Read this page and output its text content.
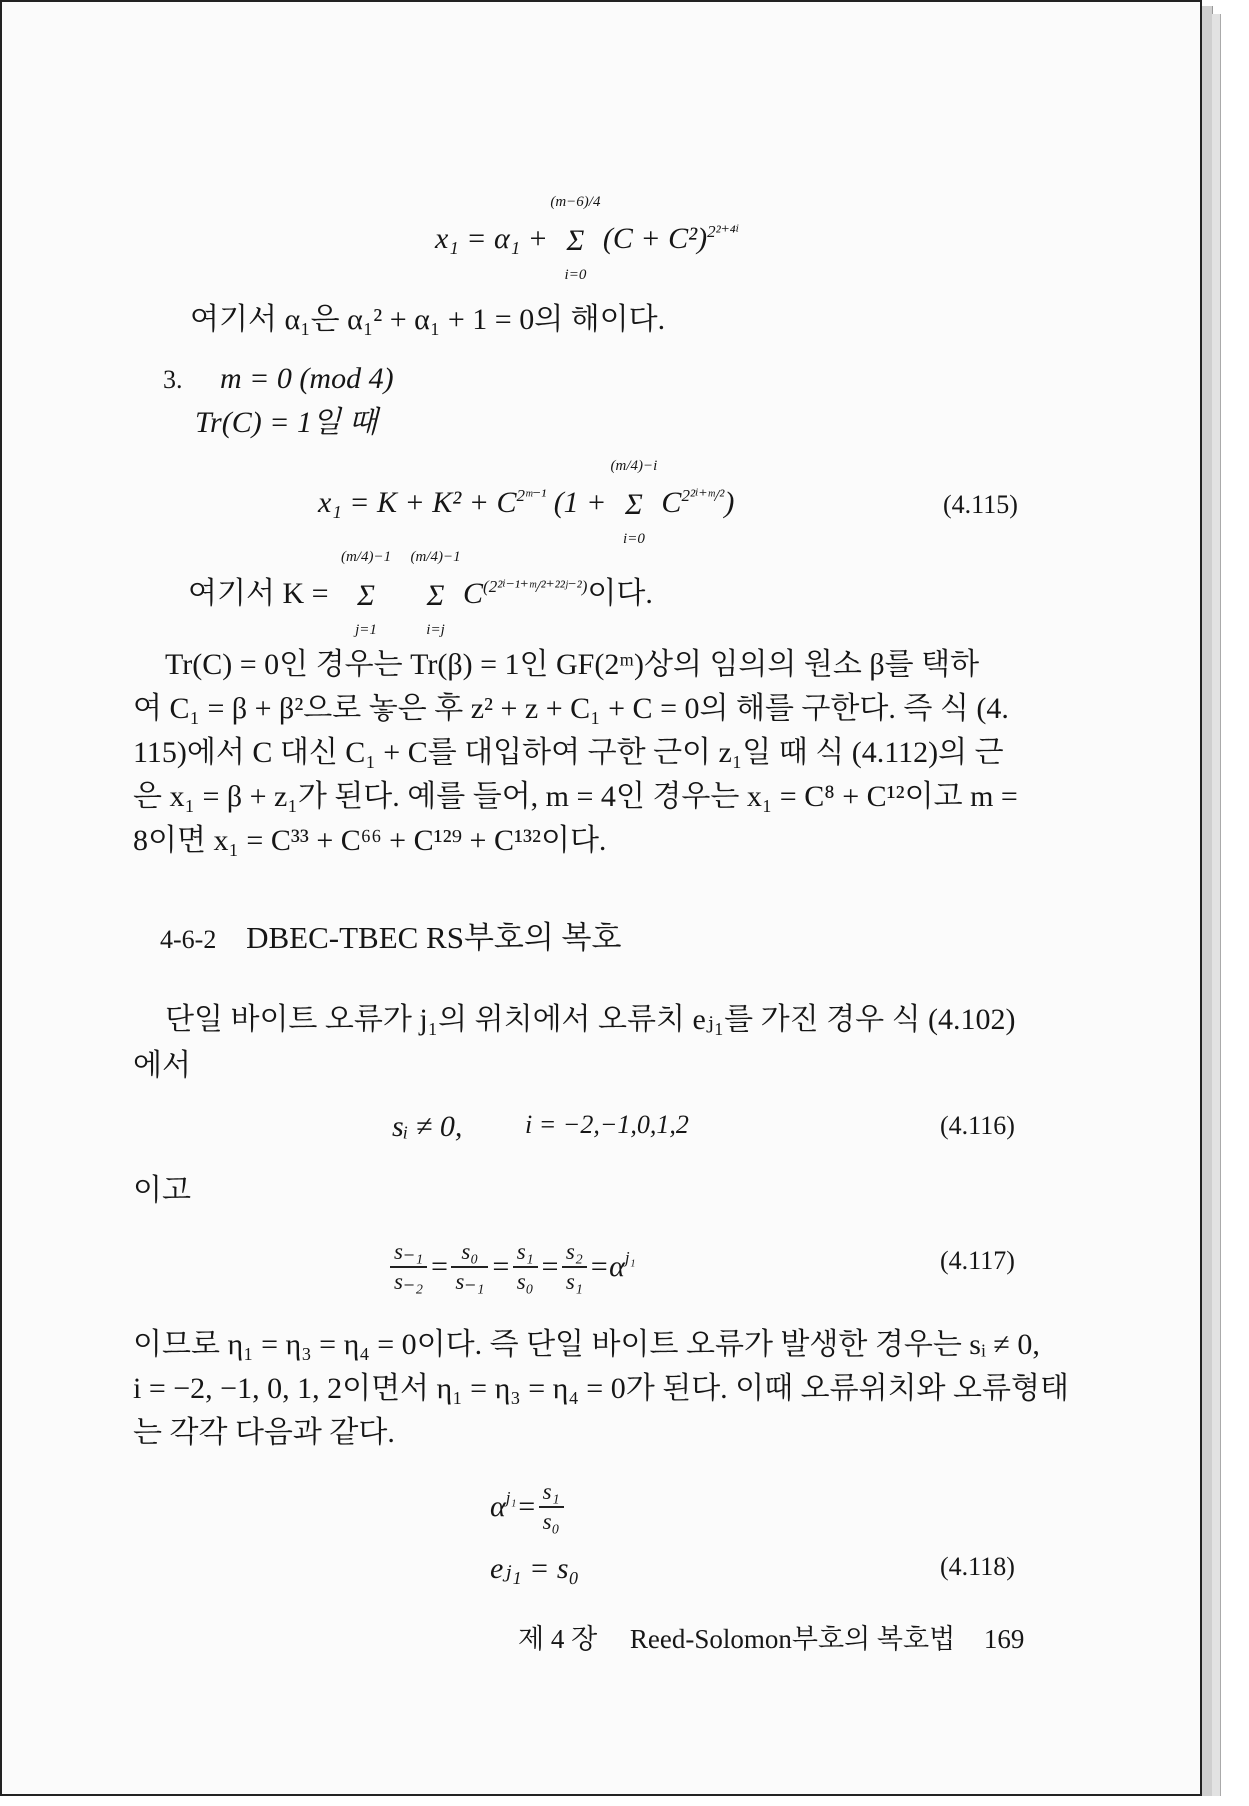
x₁ = α₁ +
(m−6)/4
Σ
i=0
$(C + C^2)^{2^{2+4i}}$
여기서 α₁은 α₁² + α₁ + 1 = 0의 해이다.
3. m = 0 (mod 4)
Tr(C) = 1일 때
$x_1 = K + K^2 + C^{2ᵐ^{-1}}$ (1 +
(m/4)−i
Σ
i=0
$C^{2^{2i+}ᵐ/^2}$)	(4.115)
여기서 K =
(m/4)−1
Σ
j=1

(m/4)−1
Σ
i=j
$C^{(2^{2i-1+}ᵐ/^{2+22}ʲ^{-2})}$이다.
Tr(C) = 0인 경우는 Tr(β) = 1인 GF(2ᵐ)상의 임의의 원소 β를 택하
여 C₁ = β + β²으로 놓은 후 z² + z + C₁ + C = 0의 해를 구한다. 즉 식 (4.
115)에서 C 대신 C₁ + C를 대입하여 구한 근이 z₁일 때 식 (4.112)의 근
은 x₁ = β + z₁가 된다. 예를 들어, m = 4인 경우는 x₁ = C⁸ + C¹²이고 m =
8이면 x₁ = C³³ + C⁶⁶ + C¹²⁹ + C¹³²이다.
4-6-2 DBEC-TBEC RS부호의 복호
단일 바이트 오류가 j₁의 위치에서 오류치 eⱼ₁를 가진 경우 식 (4.102)
에서
sᵢ ≠ 0, i = −2,−1,0,1,2	(4.116)
이고
$\frac{\text{s₋₁}}{\text{s₋₂}} = \frac{\text{s₀}}{\text{s₋₁}} = \frac{\text{s₁}}{\text{s₀}} = \frac{\text{s₂}}{\text{s₁}} =\alpha^{j_1}$	(4.117)
이므로 η₁ = η₃ = η₄ = 0이다. 즉 단일 바이트 오류가 발생한 경우는 sᵢ ≠ 0,
i = −2, −1, 0, 1, 2이면서 η₁ = η₃ = η₄ = 0가 된다. 이때 오류위치와 오류형태
는 각각 다음과 같다.
$\alpha^{j_1}= \frac{\text{s₁}}{\text{s₀}}$
eⱼ₁ = s₀	(4.118)
제 4 장 Reed-Solomon부호의 복호법 169
